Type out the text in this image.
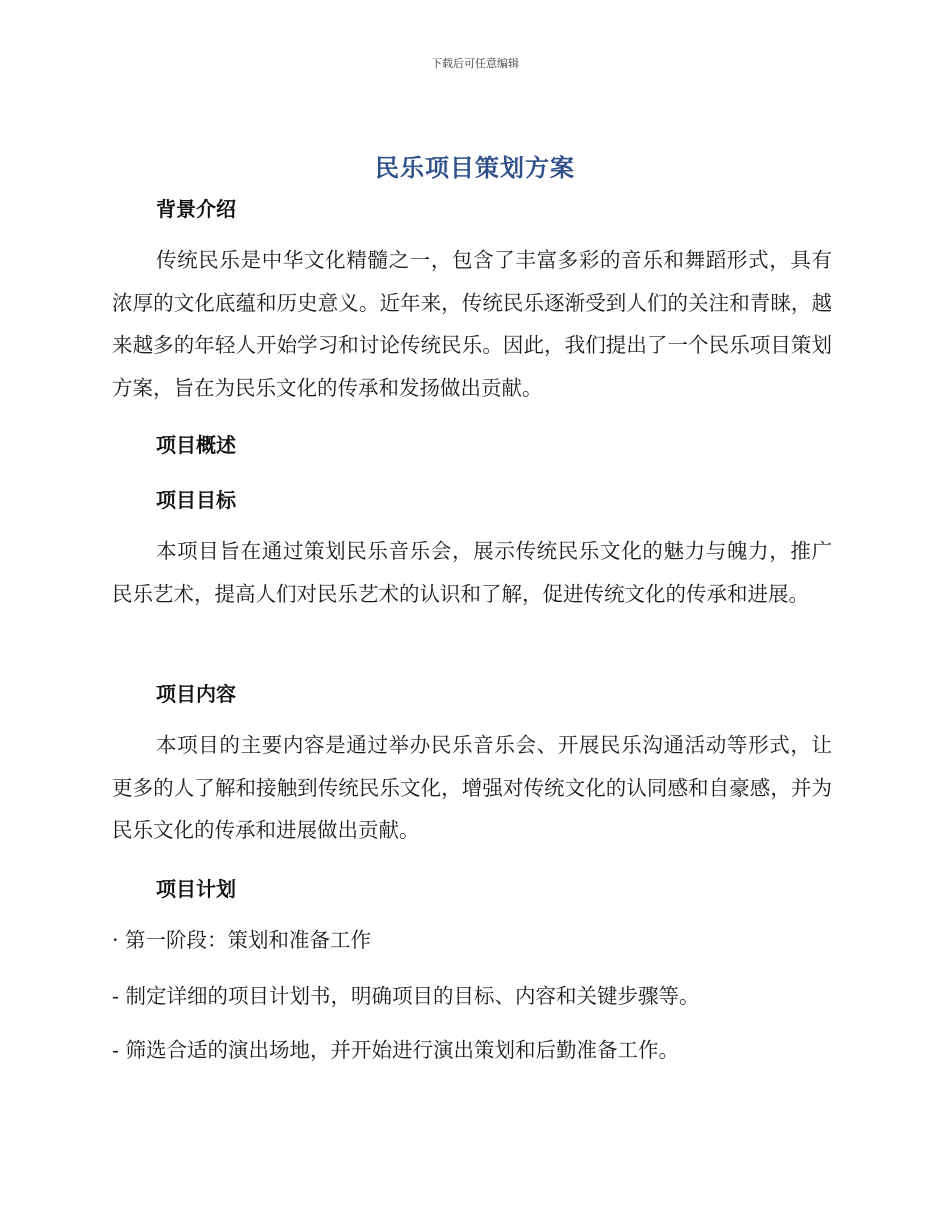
下载后可任意编辑
民乐项目策划方案
背景介绍
传统民乐是中华文化精髓之一，包含了丰富多彩的音乐和舞蹈形式，具有浓厚的文化底蕴和历史意义。近年来，传统民乐逐渐受到人们的关注和青睐，越来越多的年轻人开始学习和讨论传统民乐。因此，我们提出了一个民乐项目策划方案，旨在为民乐文化的传承和发扬做出贡献。
项目概述
项目目标
本项目旨在通过策划民乐音乐会，展示传统民乐文化的魅力与魄力，推广民乐艺术，提高人们对民乐艺术的认识和了解，促进传统文化的传承和进展。
项目内容
本项目的主要内容是通过举办民乐音乐会、开展民乐沟通活动等形式，让更多的人了解和接触到传统民乐文化，增强对传统文化的认同感和自豪感，并为民乐文化的传承和进展做出贡献。
项目计划
· 第一阶段：策划和准备工作
- 制定详细的项目计划书，明确项目的目标、内容和关键步骤等。
- 筛选合适的演出场地，并开始进行演出策划和后勤准备工作。
